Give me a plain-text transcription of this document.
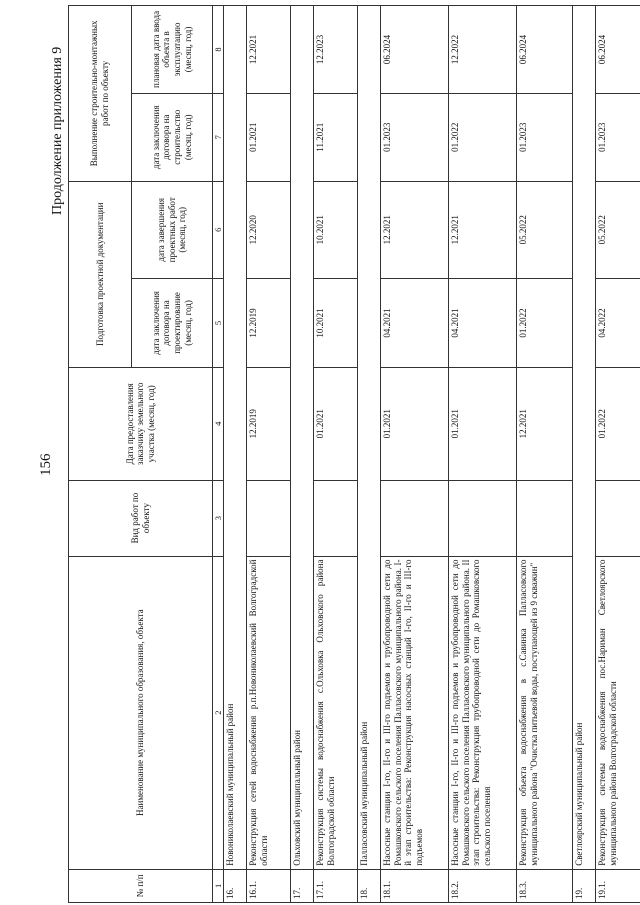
156
Продолжение приложения 9
№ п/п	Наименование муниципального образования, объекта	Вид работ по объекту	Дата предоставления заказчику земельного участка (месяц, год)	Подготовка проектной документации		Выполнение строительно-монтажных работ по объекту	
				дата заключения договора на проектирование (месяц, год)	дата завершения проектных работ (месяц, год)	дата заключения договора на строительство (месяц, год)	плановая дата ввода объекта в эксплуатацию (месяц, год)
1	2	3	4	5	6	7	8
16.	Новониколаевский муниципальный район						
16.1.	Реконструкция сетей водоснабжения р.п.Новониколаевский Волгоградской области		12.2019	12.2019	12.2020	01.2021	12.2021
17.	Ольховский муниципальный район						
17.1.	Реконструкция системы водоснабжения с.Ольховка Ольховского района Волгоградской области		01.2021	10.2021	10.2021	11.2021	12.2023
18.	Палласовский муниципальный район						
18.1.	Насосные станции I-го, II-го и III-го подъемов и трубопроводной сети до Ромашковского сельского поселения Палласовского муниципального района. I-й этап строительства: Реконструкция насосных станций I-го, II-го и III-го подъемов		01.2021	04.2021	12.2021	01.2023	06.2024
18.2.	Насосные станции I-го, II-го и III-го подъемов и трубопроводной сети до Ромашковского сельского поселения Палласовского муниципального района. II этап строительства: Реконструкция трубопроводной сети до Ромашковского сельского поселения		01.2021	04.2021	12.2021	01.2022	12.2022
18.3.	Реконструкция объекта водоснабжения в с.Савинка Палласовского муниципального района "Очистка питьевой воды, поступающей из 9 скважин"		12.2021	01.2022	05.2022	01.2023	06.2024
19.	Светлоярский муниципальный район						
19.1.	Реконструкция системы водоснабжения пос.Нариман Светлоярского муниципального района Волгоградской области		01.2022	04.2022	05.2022	01.2023	06.2024
